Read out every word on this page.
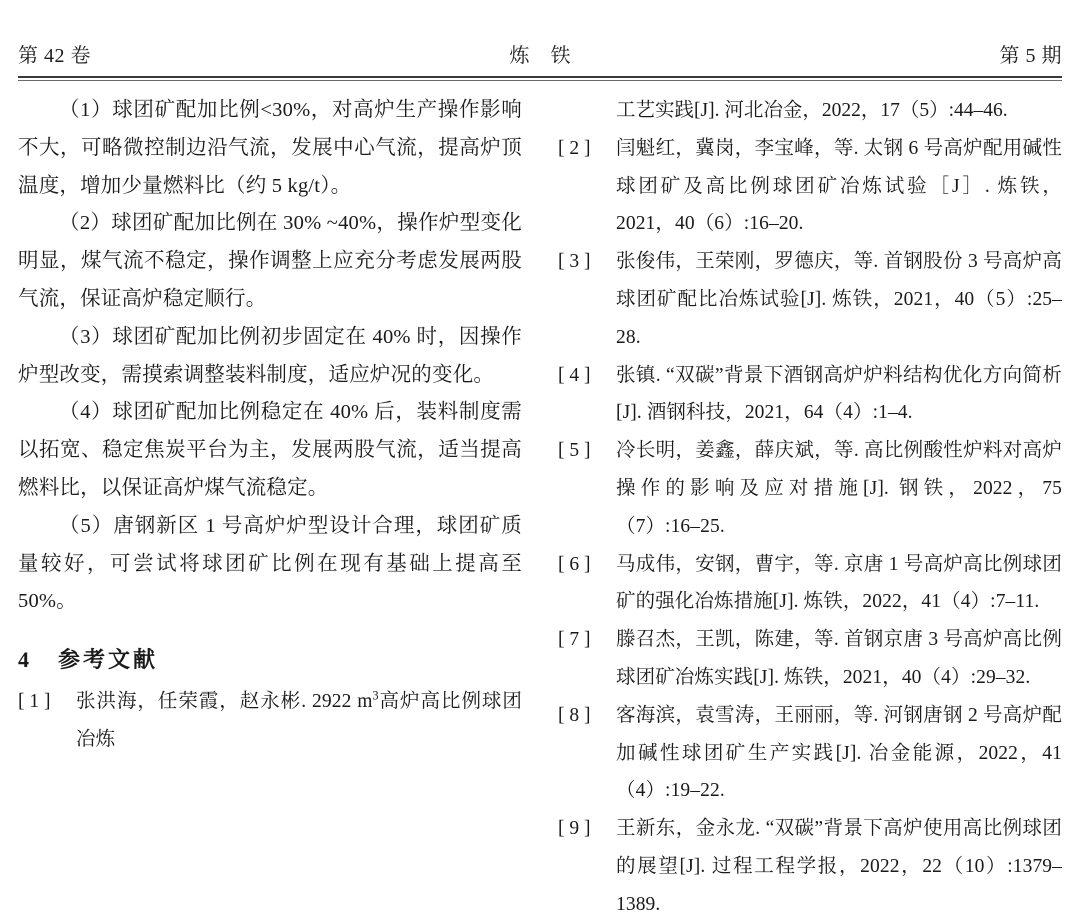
第 42 卷	炼 铁	第 5 期

（1）球团矿配加比例<30%，对高炉生产操作影响不大，可略微控制边沿气流，发展中心气流，提高炉顶温度，增加少量燃料比（约 5 kg/t）。

（2）球团矿配加比例在 30% ~40%，操作炉型变化明显，煤气流不稳定，操作调整上应充分考虑发展两股气流，保证高炉稳定顺行。

（3）球团矿配加比例初步固定在 40% 时，因操作炉型改变，需摸索调整装料制度，适应炉况的变化。

（4）球团矿配加比例稳定在 40% 后，装料制度需以拓宽、稳定焦炭平台为主，发展两股气流，适当提高燃料比，以保证高炉煤气流稳定。

（5）唐钢新区 1 号高炉炉型设计合理，球团矿质量较好，可尝试将球团矿比例在现有基础上提高至 50%。

4 参考文献
[ 1 ]	张洪海，任荣霞，赵永彬. 2922 $m^3$高炉高比例球团冶炼
工艺实践[J]. 河北冶金，2022，17（5）:44–46.
[ 2 ]	闫魁红，冀岗，李宝峰，等. 太钢 6 号高炉配用碱性球团矿及高比例球团矿冶炼试验［J］. 炼铁，2021，40（6）:16–20.
[ 3 ]	张俊伟，王荣刚，罗德庆，等. 首钢股份 3 号高炉高球团矿配比冶炼试验[J]. 炼铁，2021，40（5）:25–28.
[ 4 ]	张镇. “双碳”背景下酒钢高炉炉料结构优化方向简析[J]. 酒钢科技，2021，64（4）:1–4.
[ 5 ]	冷长明，姜鑫，薛庆斌，等. 高比例酸性炉料对高炉操作的影响及应对措施[J]. 钢铁，2022，75（7）:16–25.
[ 6 ]	马成伟，安钢，曹宇，等. 京唐 1 号高炉高比例球团矿的强化冶炼措施[J]. 炼铁，2022，41（4）:7–11.
[ 7 ]	滕召杰，王凯，陈建，等. 首钢京唐 3 号高炉高比例球团矿冶炼实践[J]. 炼铁，2021，40（4）:29–32.
[ 8 ]	客海滨，袁雪涛，王丽丽，等. 河钢唐钢 2 号高炉配加碱性球团矿生产实践[J]. 冶金能源，2022，41（4）:19–22.
[ 9 ]	王新东，金永龙. “双碳”背景下高炉使用高比例球团的展望[J]. 过程工程学报，2022，22（10）:1379–1389.
